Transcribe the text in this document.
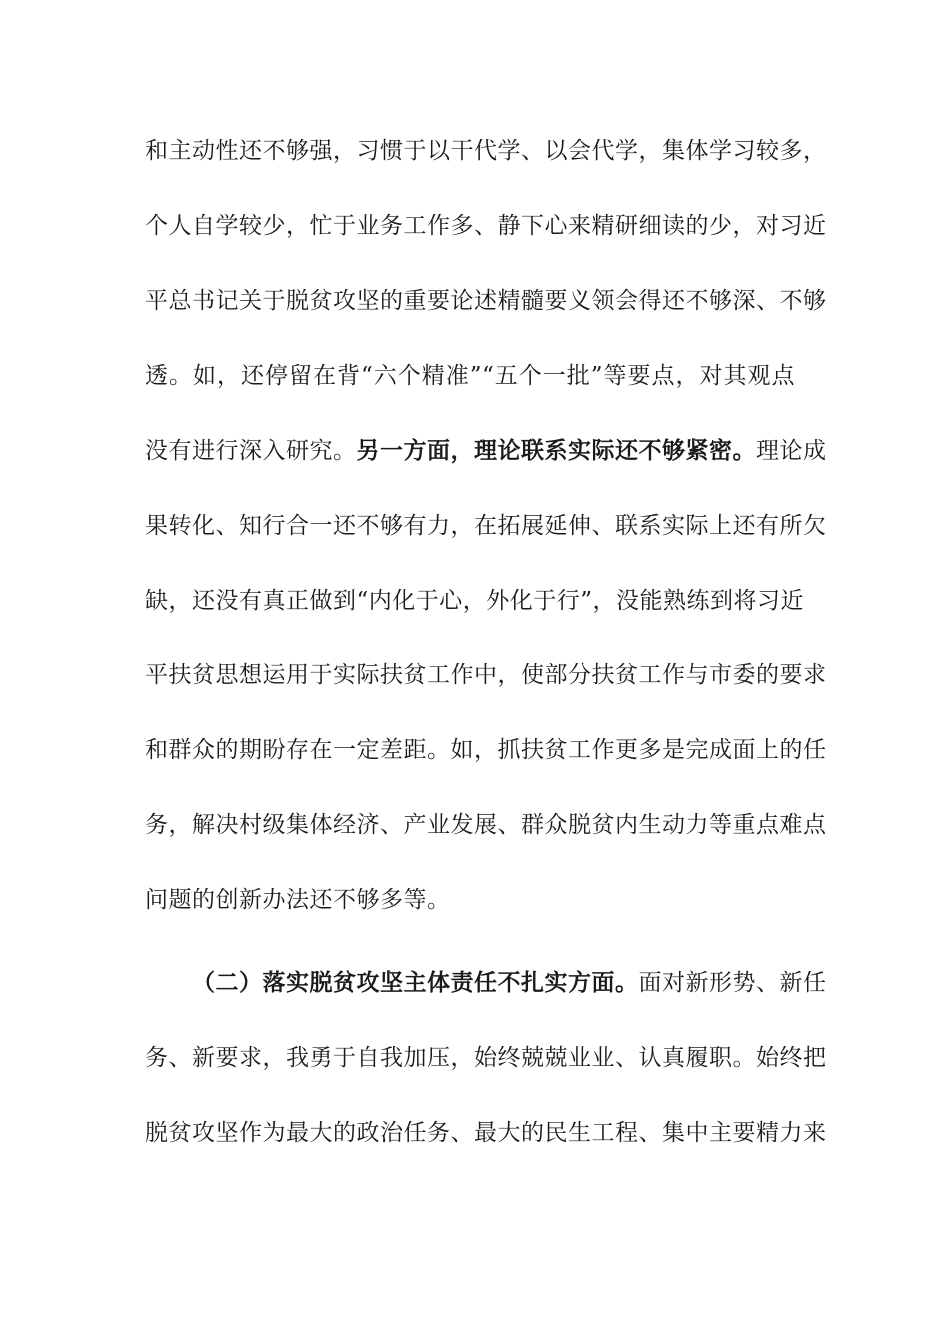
和主动性还不够强，习惯于以干代学、以会代学，集体学习较多，
个人自学较少，忙于业务工作多、静下心来精研细读的少，对习近
平总书记关于脱贫攻坚的重要论述精髓要义领会得还不够深、不够
透。如，还停留在背“六个精准”“五个一批”等要点，对其观点
没有进行深入研究。另一方面，理论联系实际还不够紧密。理论成
果转化、知行合一还不够有力，在拓展延伸、联系实际上还有所欠
缺，还没有真正做到“内化于心，外化于行”，没能熟练到将习近
平扶贫思想运用于实际扶贫工作中，使部分扶贫工作与市委的要求
和群众的期盼存在一定差距。如，抓扶贫工作更多是完成面上的任
务，解决村级集体经济、产业发展、群众脱贫内生动力等重点难点
问题的创新办法还不够多等。
（二）落实脱贫攻坚主体责任不扎实方面。面对新形势、新任
务、新要求，我勇于自我加压，始终兢兢业业、认真履职。始终把
脱贫攻坚作为最大的政治任务、最大的民生工程、集中主要精力来
